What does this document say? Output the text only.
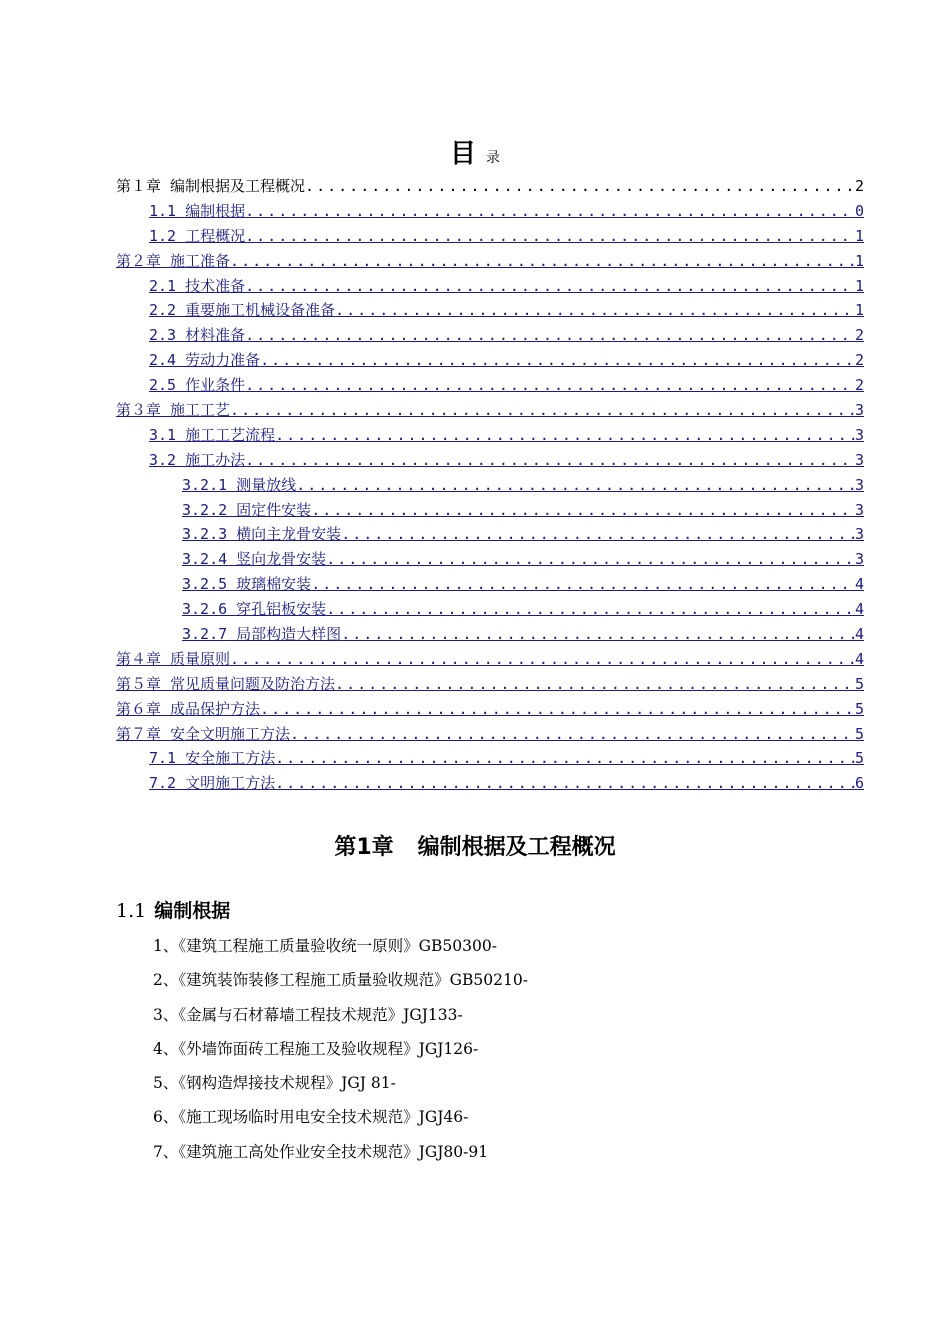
目录
第１章 编制根据及工程概况 .....	2
1.1 编制根据 .....	0
1.2 工程概况 .....	1
第２章 施工准备 .....	1
2.1 技术准备 .....	1
2.2 重要施工机械设备准备 .....	1
2.3 材料准备 .....	2
2.4 劳动力准备 .....	2
2.5 作业条件 .....	2
第３章 施工工艺 .....	3
3.1 施工工艺流程 .....	3
3.2 施工办法 .....	3
3.2.1 测量放线 .....	3
3.2.2 固定件安装 .....	3
3.2.3 横向主龙骨安装 .....	3
3.2.4 竖向龙骨安装 .....	3
3.2.5 玻璃棉安装 .....	4
3.2.6 穿孔铝板安装 .....	4
3.2.7 局部构造大样图 .....	4
第４章 质量原则 .....	4
第５章 常见质量问题及防治方法 .....	5
第６章 成品保护方法 .....	5
第７章 安全文明施工方法 .....	5
7.1 安全施工方法 .....	5
7.2 文明施工方法 .....	6
第1章 编制根据及工程概况
1.1 编制根据
1、《建筑工程施工质量验收统一原则》GB50300-
2、《建筑装饰装修工程施工质量验收规范》GB50210-
3、《金属与石材幕墙工程技术规范》JGJ133-
4、《外墙饰面砖工程施工及验收规程》JGJ126-
5、《钢构造焊接技术规程》JGJ 81-
6、《施工现场临时用电安全技术规范》JGJ46-
7、《建筑施工高处作业安全技术规范》JGJ80-91
